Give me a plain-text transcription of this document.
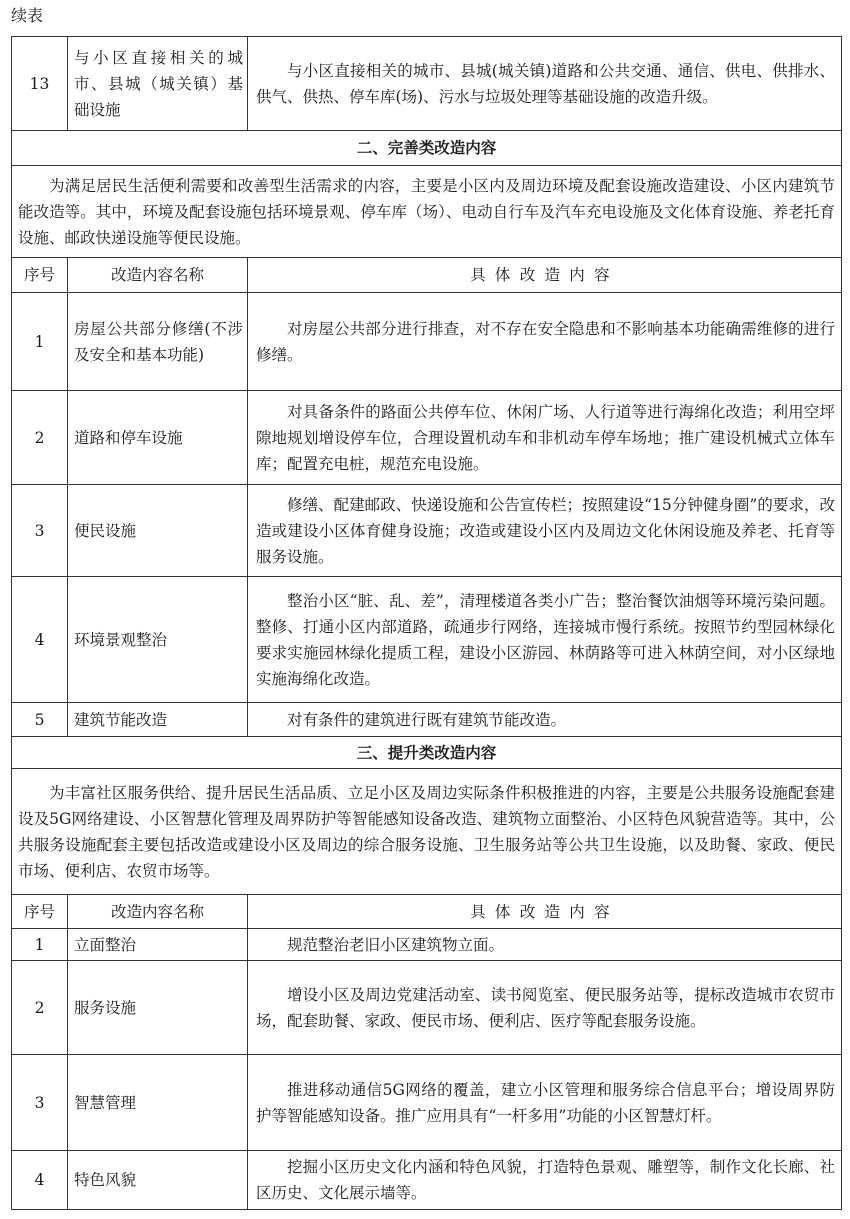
续表
13	与小区直接相关的城市、县城（城关镇）基础设施	与小区直接相关的城市、县城(城关镇)道路和公共交通、通信、供电、供排水、供气、供热、停车库(场)、污水与垃圾处理等基础设施的改造升级。
二、完善类改造内容		
为满足居民生活便利需要和改善型生活需求的内容，主要是小区内及周边环境及配套设施改造建设、小区内建筑节能改造等。其中，环境及配套设施包括环境景观、停车库（场）、电动自行车及汽车充电设施及文化体育设施、养老托育设施、邮政快递设施等便民设施。		
序号	改造内容名称	具体改造内容
1	房屋公共部分修缮(不涉及安全和基本功能)	对房屋公共部分进行排查，对不存在安全隐患和不影响基本功能确需维修的进行修缮。
2	道路和停车设施	对具备条件的路面公共停车位、休闲广场、人行道等进行海绵化改造；利用空坪隙地规划增设停车位，合理设置机动车和非机动车停车场地；推广建设机械式立体车库；配置充电桩，规范充电设施。
3	便民设施	修缮、配建邮政、快递设施和公告宣传栏；按照建设“15分钟健身圈”的要求，改造或建设小区体育健身设施；改造或建设小区内及周边文化休闲设施及养老、托育等服务设施。
4	环境景观整治	整治小区“脏、乱、差”，清理楼道各类小广告；整治餐饮油烟等环境污染问题。整修、打通小区内部道路，疏通步行网络，连接城市慢行系统。按照节约型园林绿化要求实施园林绿化提质工程，建设小区游园、林荫路等可进入林荫空间，对小区绿地实施海绵化改造。
5	建筑节能改造	对有条件的建筑进行既有建筑节能改造。
三、提升类改造内容		
为丰富社区服务供给、提升居民生活品质、立足小区及周边实际条件积极推进的内容，主要是公共服务设施配套建设及5G网络建设、小区智慧化管理及周界防护等智能感知设备改造、建筑物立面整治、小区特色风貌营造等。其中，公共服务设施配套主要包括改造或建设小区及周边的综合服务设施、卫生服务站等公共卫生设施，以及助餐、家政、便民市场、便利店、农贸市场等。		
序号	改造内容名称	具体改造内容
1	立面整治	规范整治老旧小区建筑物立面。
2	服务设施	增设小区及周边党建活动室、读书阅览室、便民服务站等，提标改造城市农贸市场，配套助餐、家政、便民市场、便利店、医疗等配套服务设施。
3	智慧管理	推进移动通信5G网络的覆盖，建立小区管理和服务综合信息平台；增设周界防护等智能感知设备。推广应用具有“一杆多用”功能的小区智慧灯杆。
4	特色风貌	挖掘小区历史文化内涵和特色风貌，打造特色景观、雕塑等，制作文化长廊、社区历史、文化展示墙等。
